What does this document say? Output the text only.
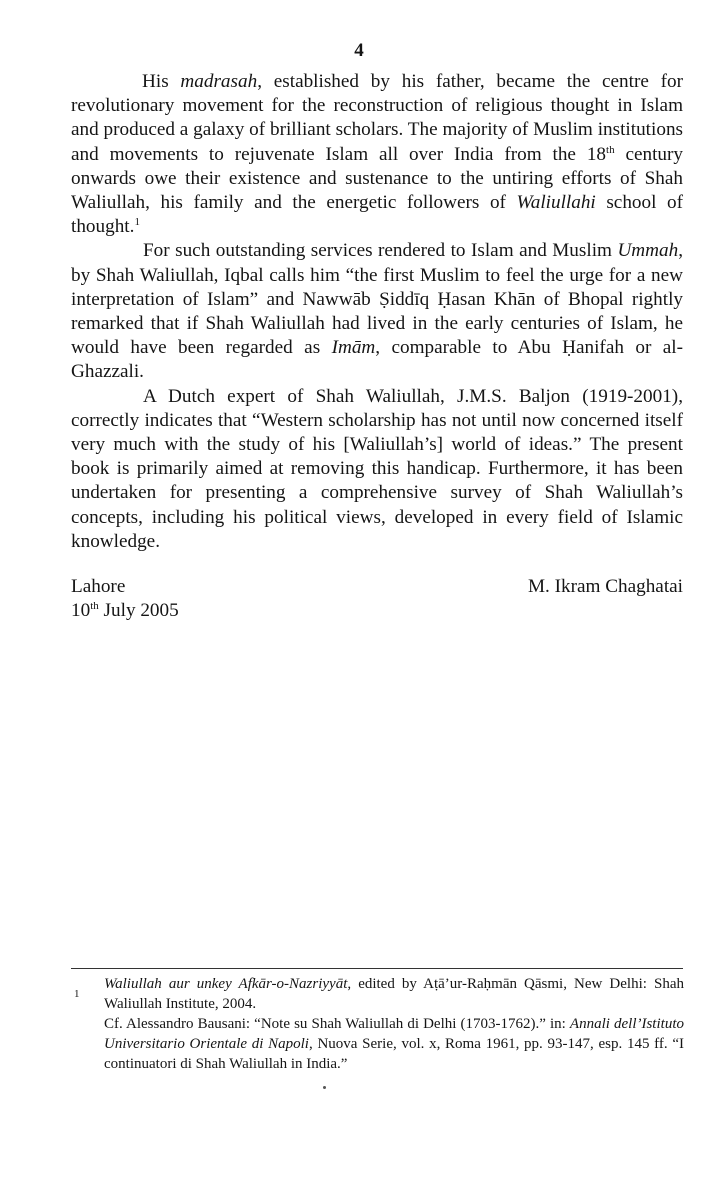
4

His madrasah, established by his father, became the centre for revolutionary movement for the reconstruction of religious thought in Islam and produced a galaxy of brilliant scholars. The majority of Muslim institutions and movements to rejuvenate Islam all over India from the 18th century onwards owe their existence and sustenance to the untiring efforts of Shah Waliullah, his family and the energetic followers of Waliullahi school of thought.$^1$

For such outstanding services rendered to Islam and Muslim Ummah, by Shah Waliullah, Iqbal calls him “the first Muslim to feel the urge for a new interpretation of Islam” and Nawwāb Ṣiddīq Ḥasan Khān of Bhopal rightly remarked that if Shah Waliullah had lived in the early centuries of Islam, he would have been regarded as Imām, comparable to Abu Ḥanifah or al-Ghazzali.

A Dutch expert of Shah Waliullah, J.M.S. Baljon (1919-2001), correctly indicates that “Western scholarship has not until now concerned itself very much with the study of his [Waliullah’s] world of ideas.” The present book is primarily aimed at removing this handicap. Furthermore, it has been undertaken for presenting a comprehensive survey of Shah Waliullah’s concepts, including his political views, developed in every field of Islamic knowledge.

Lahore
10th July 2005
M. Ikram Chaghatai
1

Waliullah aur unkey Afkār-o-Nazriyyāt, edited by Aṭā’ur-Raḥmān Qāsmi, New Delhi: Shah Waliullah Institute, 2004.

Cf. Alessandro Bausani: “Note su Shah Waliullah di Delhi (1703-1762).” in: Annali dell’Istituto Universitario Orientale di Napoli, Nuova Serie, vol. x, Roma 1961, pp. 93-147, esp. 145 ff. “I continuatori di Shah Waliullah in India.”
